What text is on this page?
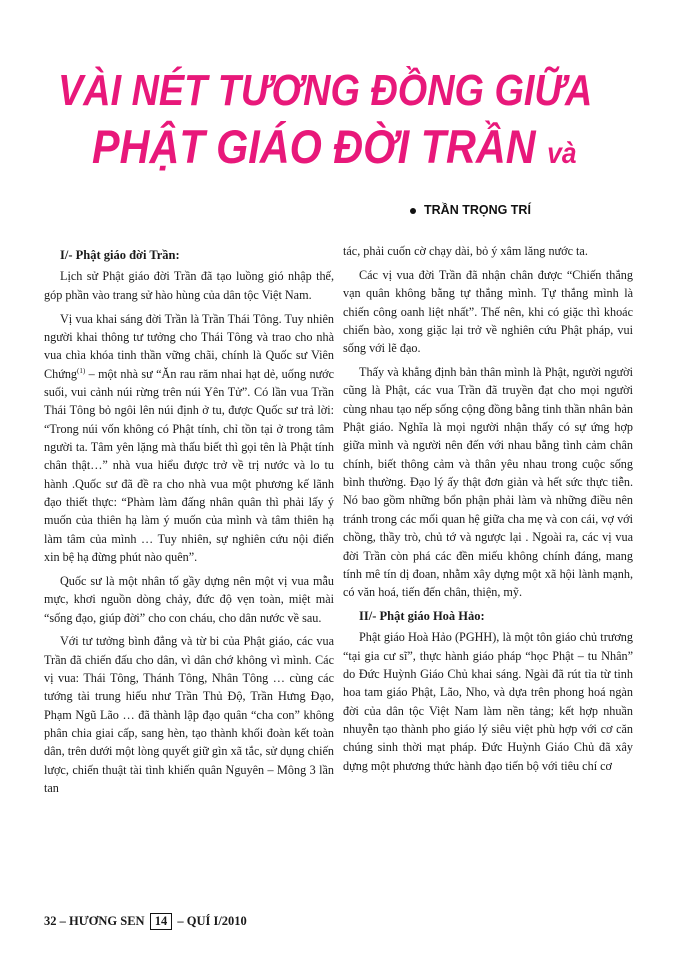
VÀI NÉT TƯƠNG ĐỒNG GIỮA
PHẬT GIÁO ĐỜI TRẦN và
TRẦN TRỌNG TRÍ
I/- Phật giáo đời Trần:

Lịch sử Phật giáo đời Trần đã tạo luồng gió nhập thế, góp phần vào trang sử hào hùng của dân tộc Việt Nam.

Vị vua khai sáng đời Trần là Trần Thái Tông. Tuy nhiên người khai thông tư tưởng cho Thái Tông và trao cho nhà vua chìa khóa tinh thần vững chãi, chính là Quốc sư Viên Chứng$^{(1)}$ – một nhà sư “Ăn rau răm nhai hạt dẻ, uống nước suối, vui cảnh núi rừng trên núi Yên Tử”. Có lần vua Trần Thái Tông bỏ ngôi lên núi định ở tu, được Quốc sư trả lời: “Trong núi vốn không có Phật tính, chỉ tồn tại ở trong tâm người ta. Tâm yên lặng mà thấu biết thì gọi tên là Phật tính chân thật…” nhà vua hiểu được trở về trị nước và lo tu hành .Quốc sư đã đề ra cho nhà vua một phương kế lãnh đạo thiết thực: “Phàm làm đấng nhân quân thì phải lấy ý muốn của thiên hạ làm ý muốn của mình và tâm thiên hạ làm tâm của mình … Tuy nhiên, sự nghiên cứu nội điển xin bệ hạ đừng phút nào quên”.

Quốc sư là một nhân tố gầy dựng nên một vị vua mẫu mực, khơi nguồn dòng chảy, đức độ vẹn toàn, miệt mài “sống đạo, giúp đời” cho con cháu, cho dân nước về sau.

Với tư tưởng bình đẳng và từ bi của Phật giáo, các vua Trần đã chiến đấu cho dân, vì dân chớ không vì mình. Các vị vua: Thái Tông, Thánh Tông, Nhân Tông … cùng các tướng tài trung hiếu như Trần Thủ Độ, Trần Hưng Đạo, Phạm Ngũ Lão … đã thành lập đạo quân “cha con” không phân chia giai cấp, sang hèn, tạo thành khối đoàn kết toàn dân, trên dưới một lòng quyết giữ gìn xã tắc, sử dụng chiến lược, chiến thuật tài tình khiến quân Nguyên – Mông 3 lần tan

tác, phải cuốn cờ chạy dài, bỏ ý xâm lăng nước ta.

Các vị vua đời Trần đã nhận chân được “Chiến thắng vạn quân không bằng tự thắng mình. Tự thắng mình là chiến công oanh liệt nhất”. Thế nên, khi có giặc thì khoác chiến bào, xong giặc lại trở về nghiên cứu Phật pháp, vui sống với lẽ đạo.

Thấy và khẳng định bản thân mình là Phật, người người cũng là Phật, các vua Trần đã truyền đạt cho mọi người cùng nhau tạo nếp sống cộng đồng bằng tinh thần nhân bản Phật giáo. Nghĩa là mọi người nhận thấy có sự ứng hợp giữa mình và người nên đến với nhau bằng tình cảm chân chính, biết thông cảm và thân yêu nhau trong cuộc sống bình thường. Đạo lý ấy thật đơn giản và hết sức thực tiễn. Nó bao gồm những bổn phận phải làm và những điều nên tránh trong các mối quan hệ giữa cha mẹ và con cái, vợ với chồng, thầy trò, chủ tớ và ngược lại . Ngoài ra, các vị vua đời Trần còn phá các đền miếu không chính đáng, mang tính mê tín dị đoan, nhằm xây dựng một xã hội lành mạnh, có văn hoá, tiến đến chân, thiện, mỹ.

II/- Phật giáo Hoà Hảo:

Phật giáo Hoà Hảo (PGHH), là một tôn giáo chủ trương “tại gia cư sĩ”, thực hành giáo pháp “học Phật – tu Nhân” do Đức Huỳnh Giáo Chủ khai sáng. Ngài đã rút tỉa từ tinh hoa tam giáo Phật, Lão, Nho, và dựa trên phong hoá ngàn đời của dân tộc Việt Nam làm nền tảng; kết hợp nhuần nhuyễn tạo thành pho giáo lý siêu việt phù hợp với cơ căn chúng sinh thời mạt pháp. Đức Huỳnh Giáo Chủ đã xây dựng một phương thức hành đạo tiến bộ với tiêu chí cơ

32 – HƯƠNG SEN 14 – QUÍ I/2010
